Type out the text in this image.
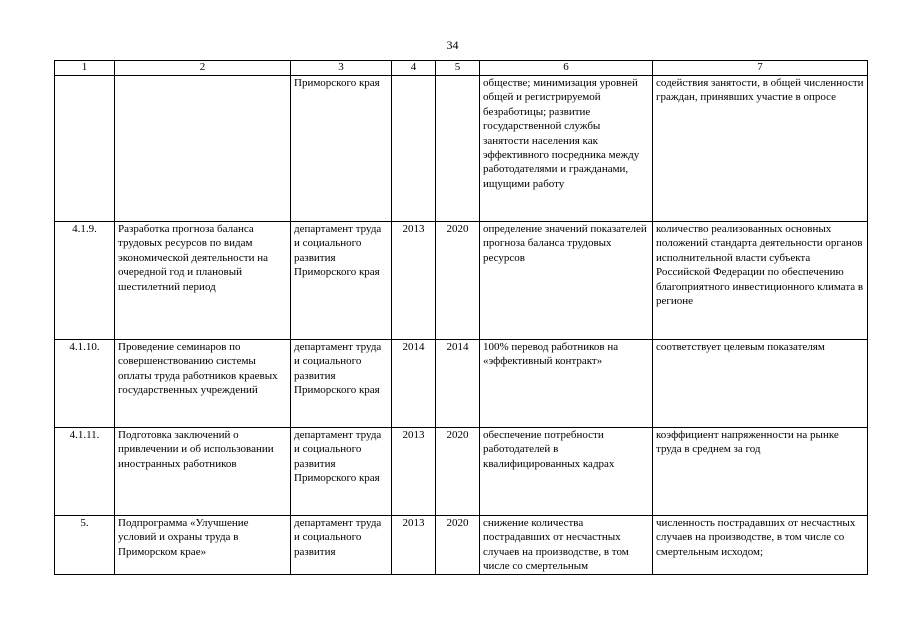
34
1	2	3	4	5	6	7
		Приморского края			обществе; минимизация уровней общей и регистрируемой безработицы; развитие государственной службы занятости населения как эффективного посредника между работодателями и гражданами, ищущими работу	содействия занятости, в общей численности граждан, принявших участие в опросе
4.1.9.	Разработка прогноза баланса трудовых ресурсов по видам экономической деятельности на очередной год и плановый шестилетний период	департамент труда и социального развития Приморского края	2013	2020	определение значений показателей прогноза баланса трудовых ресурсов	количество реализованных основных положений стандарта деятельности органов исполнительной власти субъекта Российской Федерации по обеспечению благоприятного инвестиционного климата в регионе
4.1.10.	Проведение семинаров по совершенствованию системы оплаты труда работников краевых государственных учреждений	департамент труда и социального развития Приморского края	2014	2014	100% перевод работников на «эффективный контракт»	соответствует целевым показателям
4.1.11.	Подготовка заключений о привлечении и об использовании иностранных работников	департамент труда и социального развития Приморского края	2013	2020	обеспечение потребности работодателей в квалифицированных кадрах	коэффициент напряженности на рынке труда в среднем за год
5.	Подпрограмма «Улучшение условий и охраны труда в Приморском крае»	департамент труда и социального развития	2013	2020	снижение количества пострадавших от несчастных случаев на производстве, в том числе со смертельным	численность пострадавших от несчастных случаев на производстве, в том числе со смертельным исходом;
